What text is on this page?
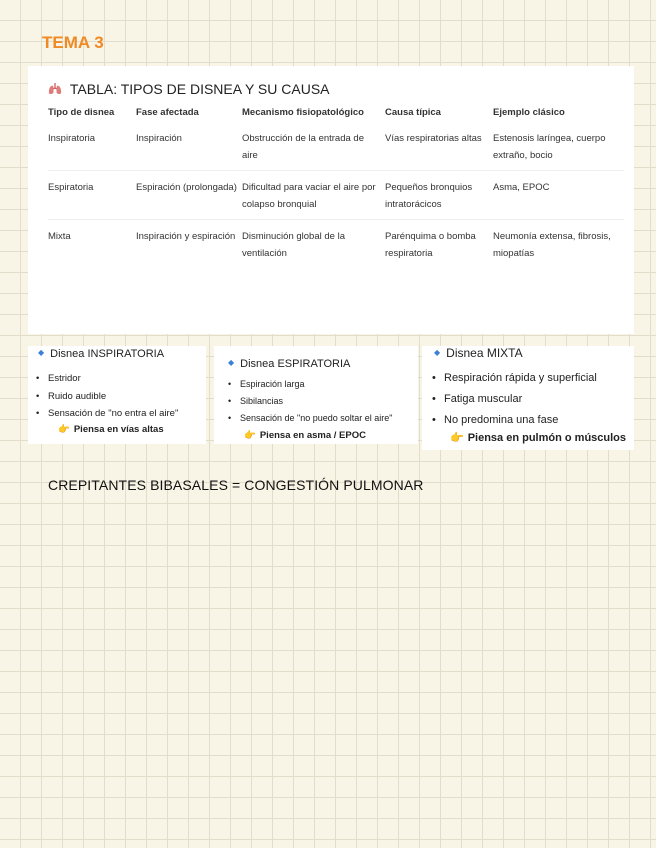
TEMA 3
TABLA: TIPOS DE DISNEA Y SU CAUSA
Tipo de disnea	Fase afectada	Mecanismo fisiopatológico	Causa típica	Ejemplo clásico
Inspiratoria	Inspiración	Obstrucción de la entrada de aire	Vías respiratorias altas	Estenosis laríngea, cuerpo extraño, bocio
Espiratoria	Espiración (prolongada)	Dificultad para vaciar el aire por colapso bronquial	Pequeños bronquios intratorácicos	Asma, EPOC
Mixta	Inspiración y espiración	Disminución global de la ventilación	Parénquima o bomba respiratoria	Neumonía extensa, fibrosis, miopatías
◆ Disnea INSPIRATORIA
• Estridor
• Ruido audible
• Sensación de "no entra el aire"
👉 Piensa en vías altas
◆ Disnea ESPIRATORIA
• Espiración larga
• Sibilancias
• Sensación de "no puedo soltar el aire"
👉 Piensa en asma / EPOC
◆ Disnea MIXTA
• Respiración rápida y superficial
• Fatiga muscular
• No predomina una fase
👉 Piensa en pulmón o músculos
CREPITANTES BIBASALES = CONGESTIÓN PULMONAR
